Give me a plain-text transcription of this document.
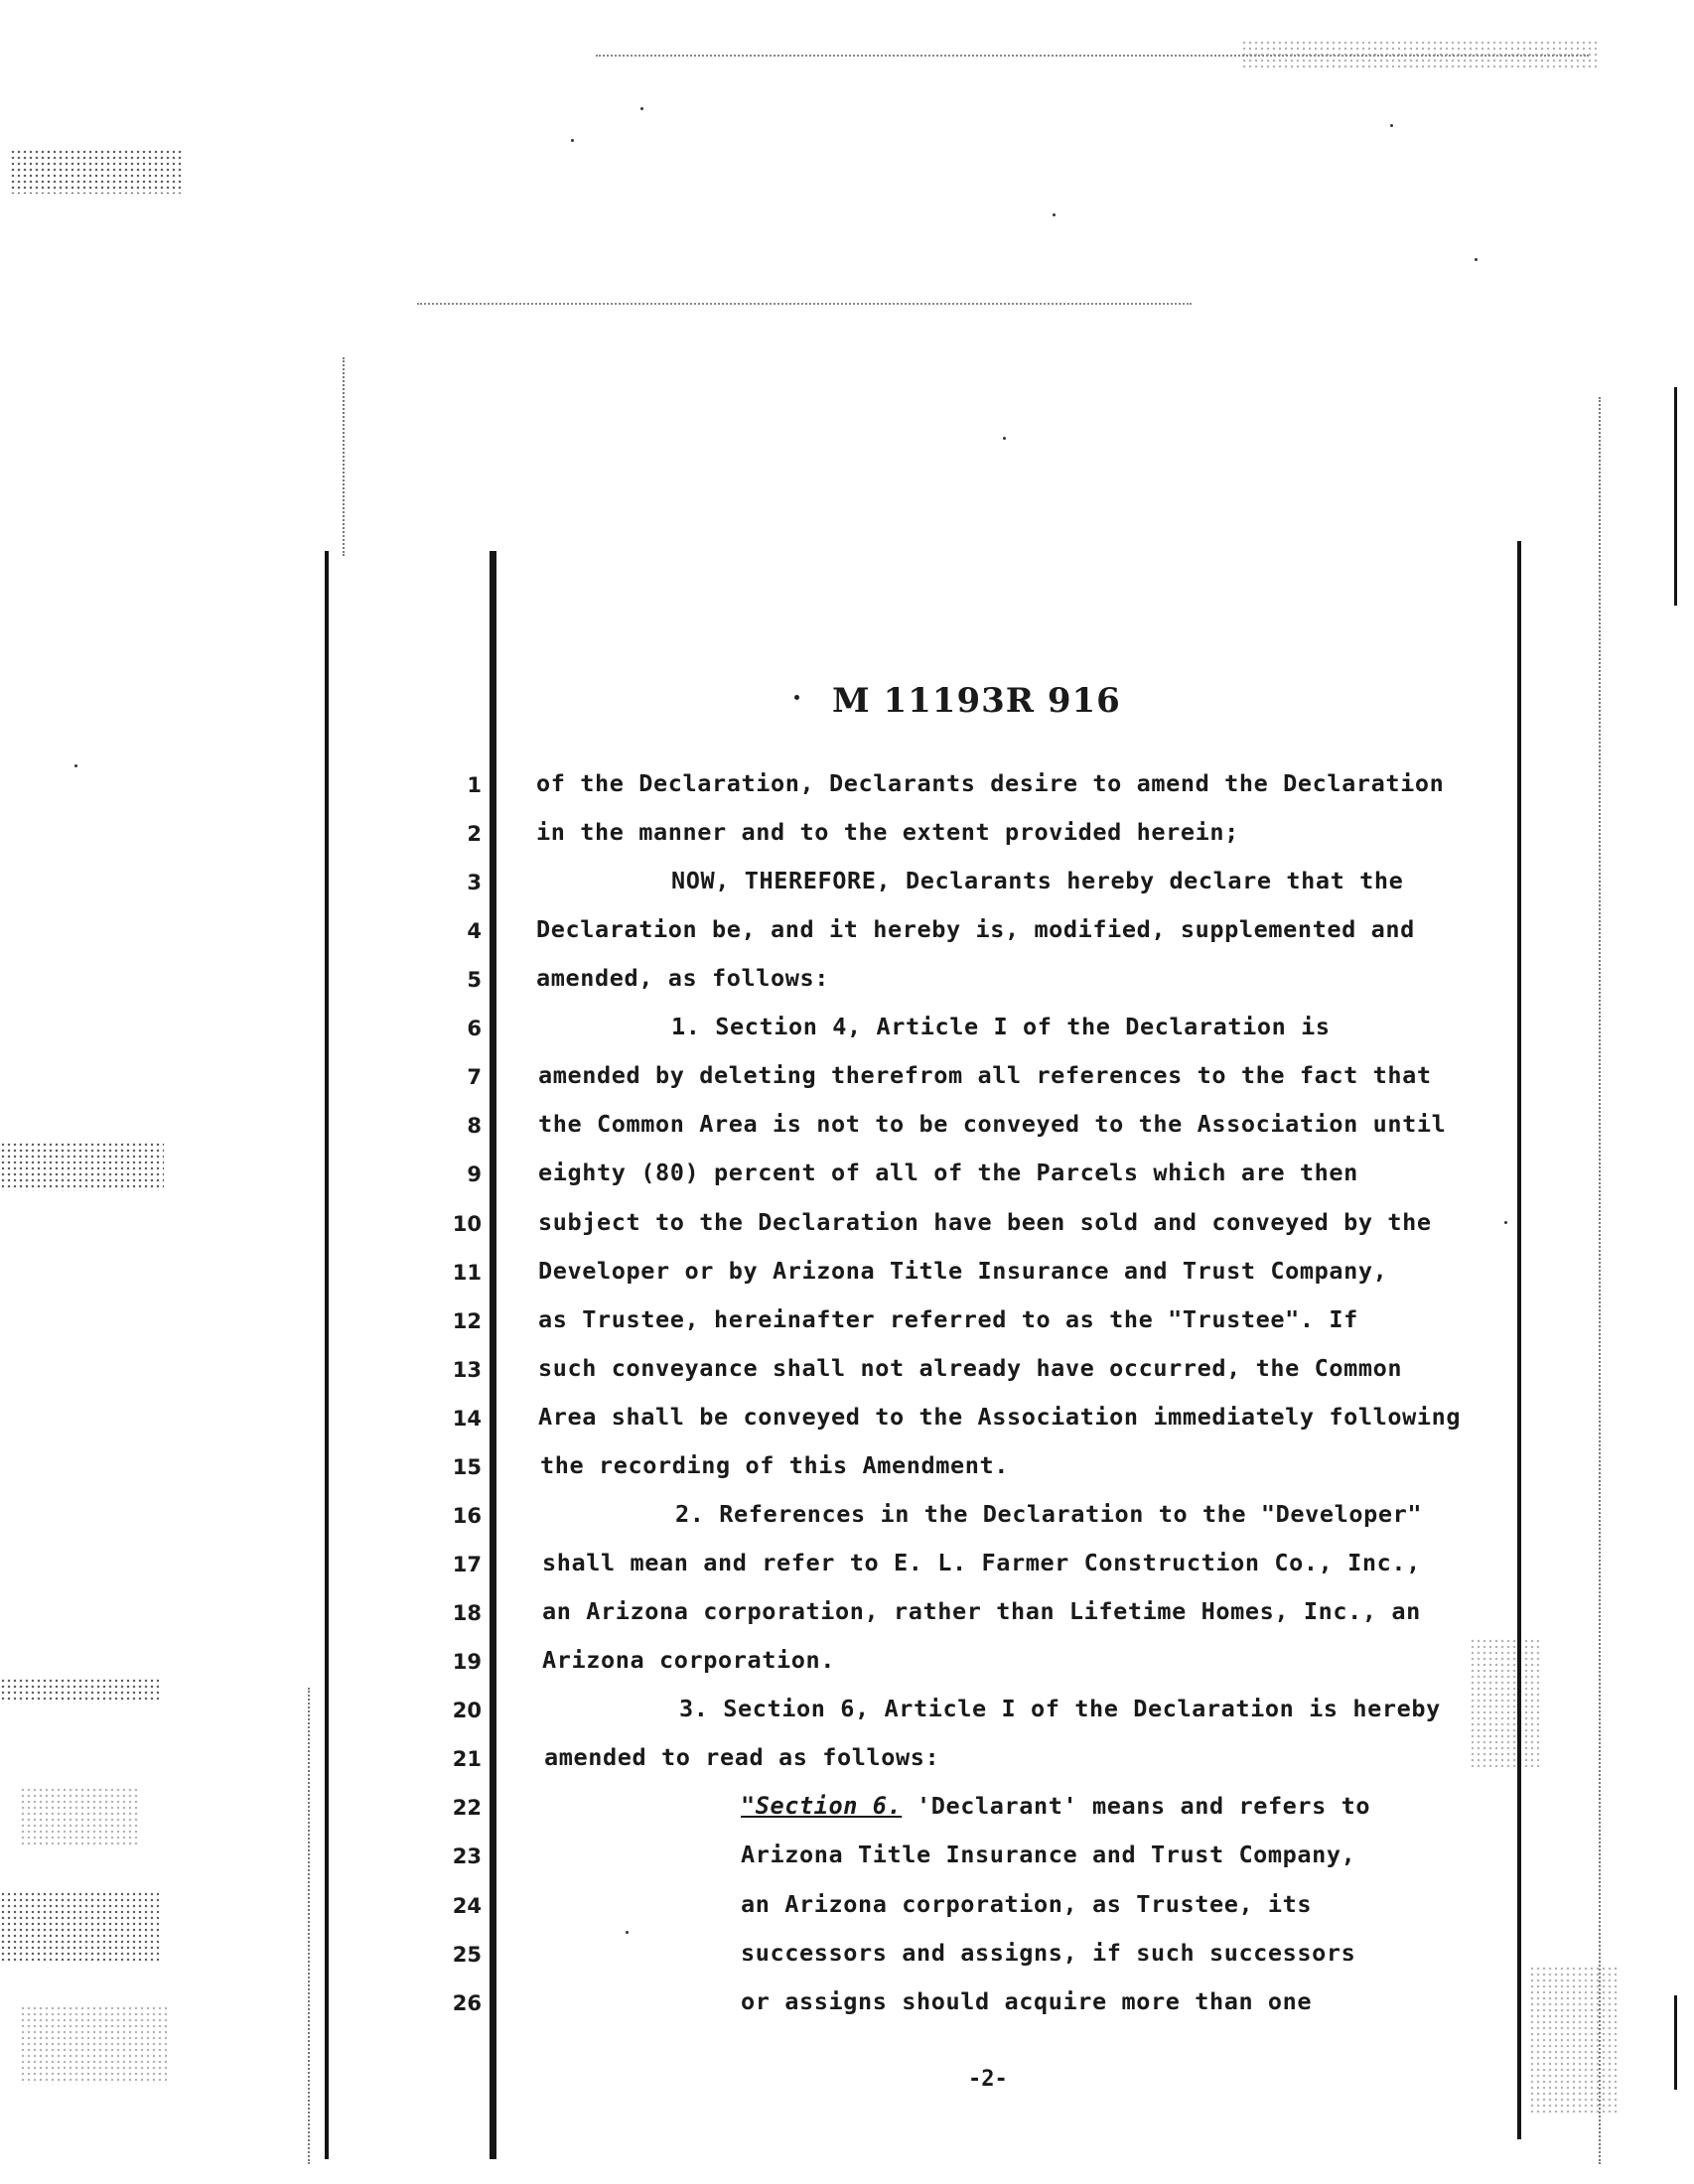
M 11193R 916
1
2
3
4
5
6
7
8
9
10
11
12
13
14
15
16
17
18
19
20
21
22
23
24
25
26
of the Declaration, Declarants desire to amend the Declaration
in the manner and to the extent provided herein;
NOW, THEREFORE, Declarants hereby declare that the
Declaration be, and it hereby is, modified, supplemented and
amended, as follows:
1. Section 4, Article I of the Declaration is
amended by deleting therefrom all references to the fact that
the Common Area is not to be conveyed to the Association until
eighty (80) percent of all of the Parcels which are then
subject to the Declaration have been sold and conveyed by the
Developer or by Arizona Title Insurance and Trust Company,
as Trustee, hereinafter referred to as the "Trustee". If
such conveyance shall not already have occurred, the Common
Area shall be conveyed to the Association immediately following
the recording of this Amendment.
2. References in the Declaration to the "Developer"
shall mean and refer to E. L. Farmer Construction Co., Inc.,
an Arizona corporation, rather than Lifetime Homes, Inc., an
Arizona corporation.
3. Section 6, Article I of the Declaration is hereby
amended to read as follows:
"Section 6. 'Declarant' means and refers to
Arizona Title Insurance and Trust Company,
an Arizona corporation, as Trustee, its
successors and assigns, if such successors
or assigns should acquire more than one
-2-
